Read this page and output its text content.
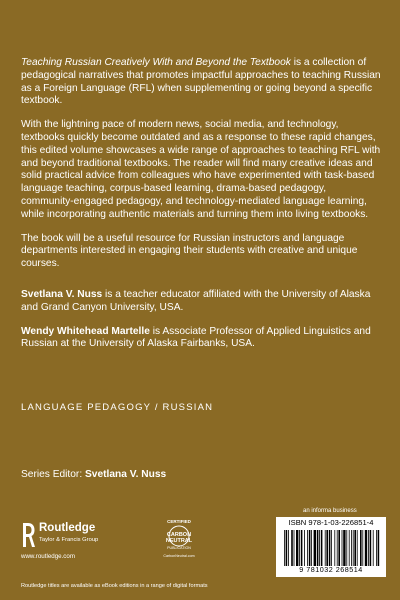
Teaching Russian Creatively With and Beyond the Textbook is a collection of pedagogical narratives that promotes impactful approaches to teaching Russian as a Foreign Language (RFL) when supplementing or going beyond a specific textbook.

With the lightning pace of modern news, social media, and technology, textbooks quickly become outdated and as a response to these rapid changes, this edited volume showcases a wide range of approaches to teaching RFL with and beyond traditional textbooks. The reader will find many creative ideas and solid practical advice from colleagues who have experimented with task-based language teaching, corpus-based learning, drama-based pedagogy, community-engaged pedagogy, and technology-mediated language learning, while incorporating authentic materials and turning them into living textbooks.

The book will be a useful resource for Russian instructors and language departments interested in engaging their students with creative and unique courses.

Svetlana V. Nuss is a teacher educator affiliated with the University of Alaska and Grand Canyon University, USA.

Wendy Whitehead Martelle is Associate Professor of Applied Linguistics and Russian at the University of Alaska Fairbanks, USA.

LANGUAGE PEDAGOGY / RUSSIAN
Series Editor: Svetlana V. Nuss
Routledge
Taylor & Francis Group
www.routledge.com
CERTIFIED
CARBON NEUTRAL
PUBLICATION
CarbonNeutral.com
an informa business
ISBN 978-1-03-226851-4
9 781032 268514
Routledge titles are available as eBook editions in a range of digital formats
